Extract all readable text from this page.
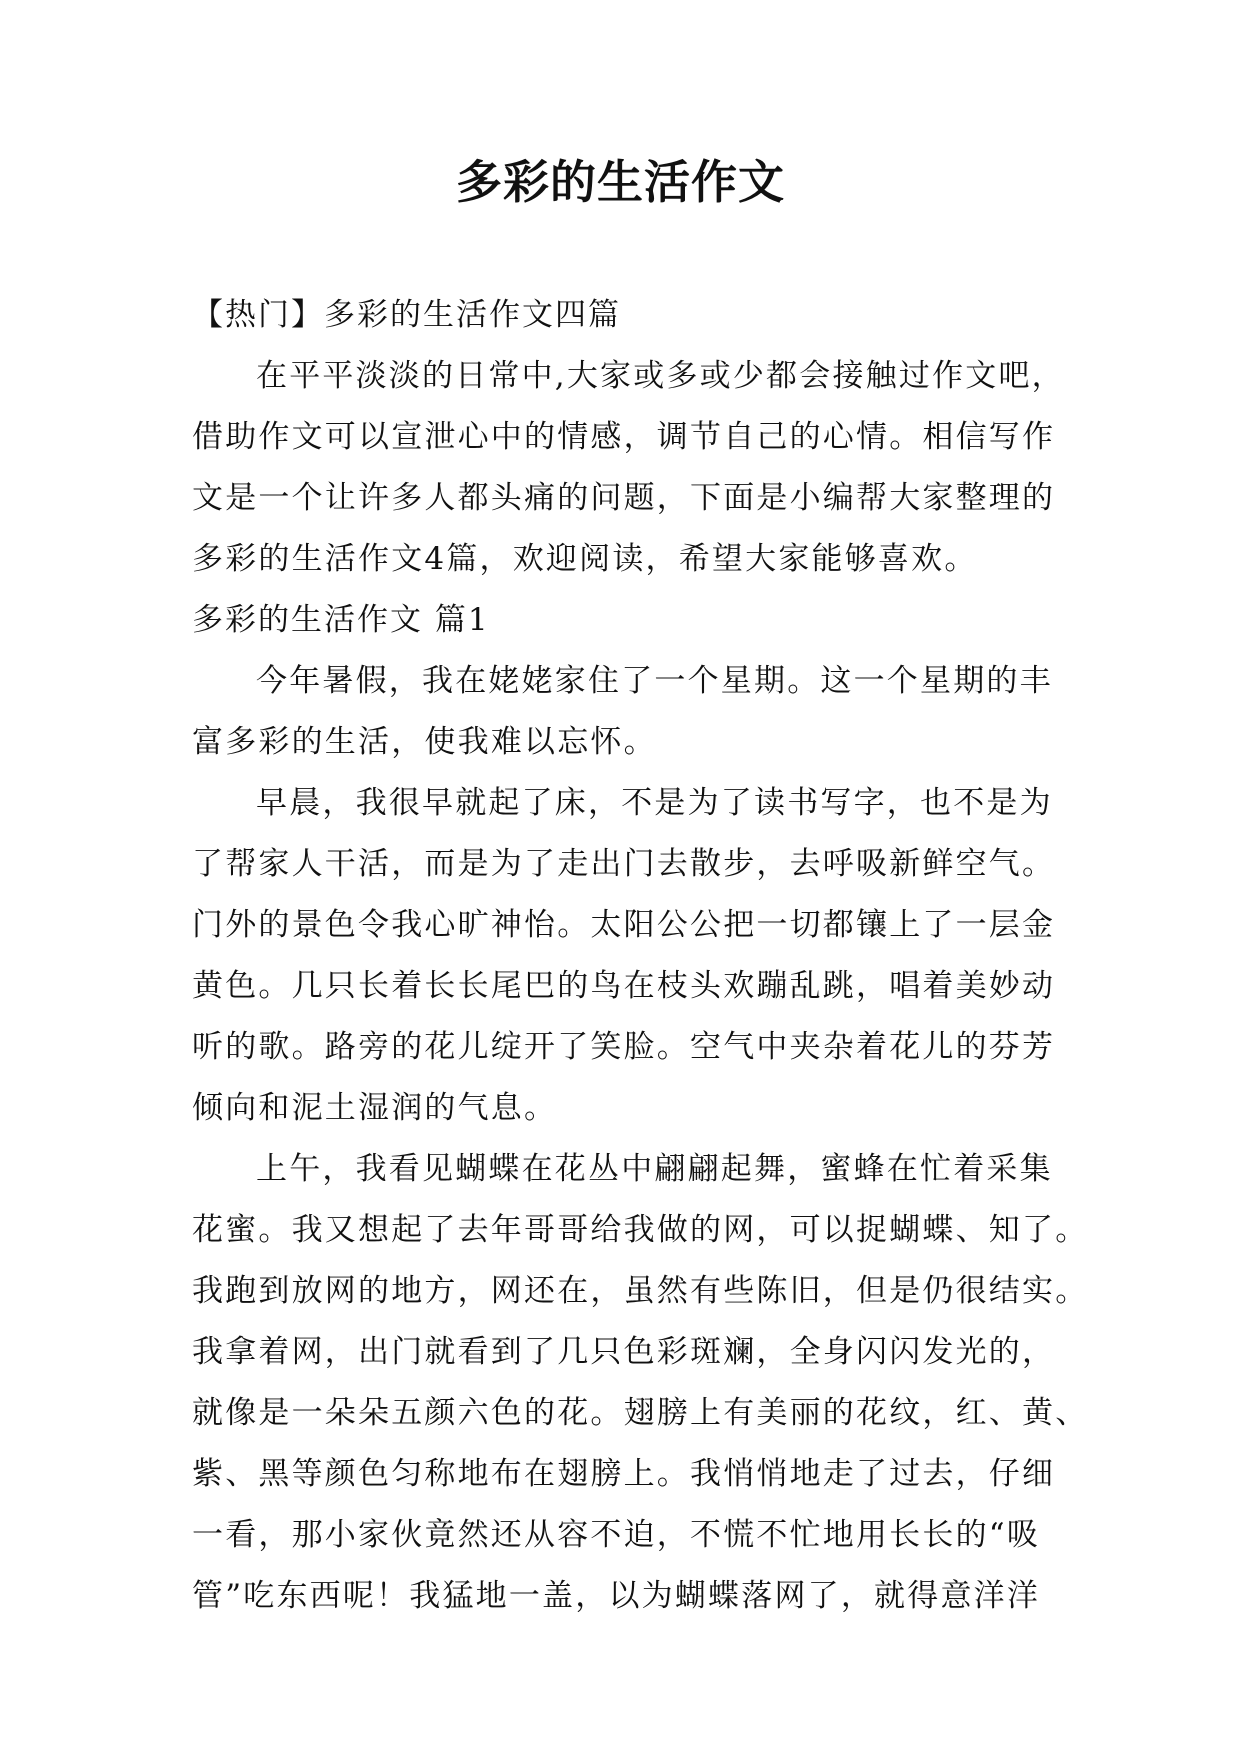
多彩的生活作文

【热门】多彩的生活作文四篇

在平平淡淡的日常中,大家或多或少都会接触过作文吧，

借助作文可以宣泄心中的情感，调节自己的心情。相信写作

文是一个让许多人都头痛的问题，下面是小编帮大家整理的

多彩的生活作文4篇，欢迎阅读，希望大家能够喜欢。

多彩的生活作文 篇1

今年暑假，我在姥姥家住了一个星期。这一个星期的丰

富多彩的生活，使我难以忘怀。

早晨，我很早就起了床，不是为了读书写字，也不是为

了帮家人干活，而是为了走出门去散步，去呼吸新鲜空气。

门外的景色令我心旷神怡。太阳公公把一切都镶上了一层金

黄色。几只长着长长尾巴的鸟在枝头欢蹦乱跳，唱着美妙动

听的歌。路旁的花儿绽开了笑脸。空气中夹杂着花儿的芬芳

倾向和泥土湿润的气息。

上午，我看见蝴蝶在花丛中翩翩起舞，蜜蜂在忙着采集

花蜜。我又想起了去年哥哥给我做的网，可以捉蝴蝶、知了。

我跑到放网的地方，网还在，虽然有些陈旧，但是仍很结实。

我拿着网，出门就看到了几只色彩斑斓，全身闪闪发光的，

就像是一朵朵五颜六色的花。翅膀上有美丽的花纹，红、黄、

紫、黑等颜色匀称地布在翅膀上。我悄悄地走了过去，仔细

一看，那小家伙竟然还从容不迫，不慌不忙地用长长的“吸

管”吃东西呢！我猛地一盖，以为蝴蝶落网了，就得意洋洋
